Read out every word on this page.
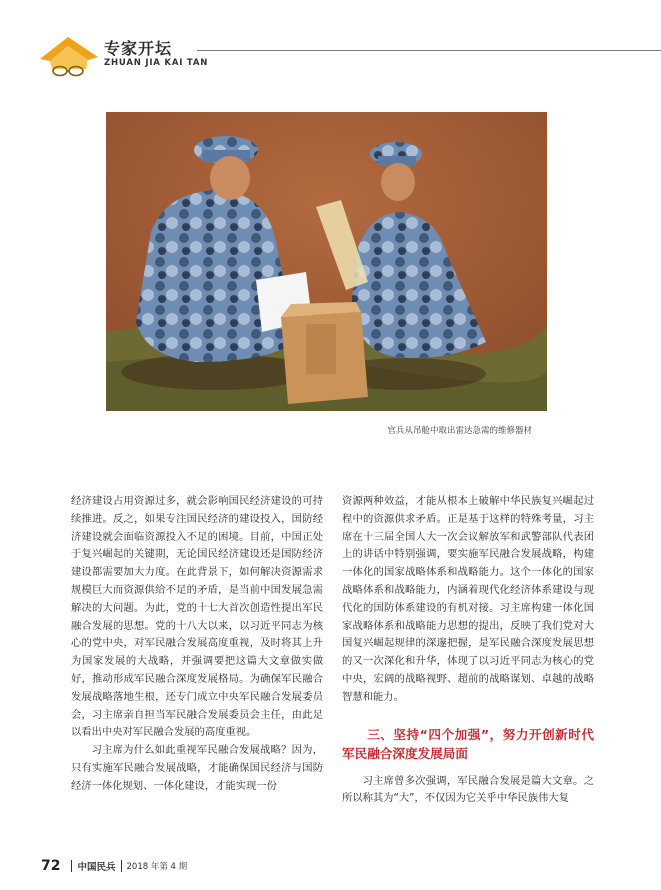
专家开坛
ZHUAN JIA KAI TAN
官兵从吊舱中取出雷达急需的维修器材

经济建设占用资源过多，就会影响国民经济建设的可持续推进。反之，如果专注国民经济的建设投入，国防经济建设就会面临资源投入不足的困境。目前，中国正处于复兴崛起的关键期，无论国民经济建设还是国防经济建设都需要加大力度。在此背景下，如何解决资源需求规模巨大而资源供给不足的矛盾，是当前中国发展急需解决的大问题。为此，党的十七大首次创造性提出军民融合发展的思想。党的十八大以来，以习近平同志为核心的党中央，对军民融合发展高度重视，及时将其上升为国家发展的大战略，并强调要把这篇大文章做实做好，推动形成军民融合深度发展格局。为确保军民融合发展战略落地生根，还专门成立中央军民融合发展委员会，习主席亲自担当军民融合发展委员会主任，由此足以看出中央对军民融合发展的高度重视。

习主席为什么如此重视军民融合发展战略？因为，只有实施军民融合发展战略，才能确保国民经济与国防经济一体化规划、一体化建设，才能实现一份

资源两种效益，才能从根本上破解中华民族复兴崛起过程中的资源供求矛盾。正是基于这样的特殊考量，习主席在十三届全国人大一次会议解放军和武警部队代表团上的讲话中特别强调，要实施军民融合发展战略，构建一体化的国家战略体系和战略能力。这个一体化的国家战略体系和战略能力，内涵着现代化经济体系建设与现代化的国防体系建设的有机对接。习主席构建一体化国家战略体系和战略能力思想的提出，反映了我们党对大国复兴崛起规律的深邃把握，是军民融合深度发展思想的又一次深化和升华，体现了以习近平同志为核心的党中央，宏阔的战略视野、超前的战略谋划、卓越的战略智慧和能力。

三、坚持“四个加强”，努力开创新时代军民融合深度发展局面

习主席曾多次强调，军民融合发展是篇大文章。之所以称其为“大”，不仅因为它关乎中华民族伟大复

72 中国民兵 2018 年第 4 期
